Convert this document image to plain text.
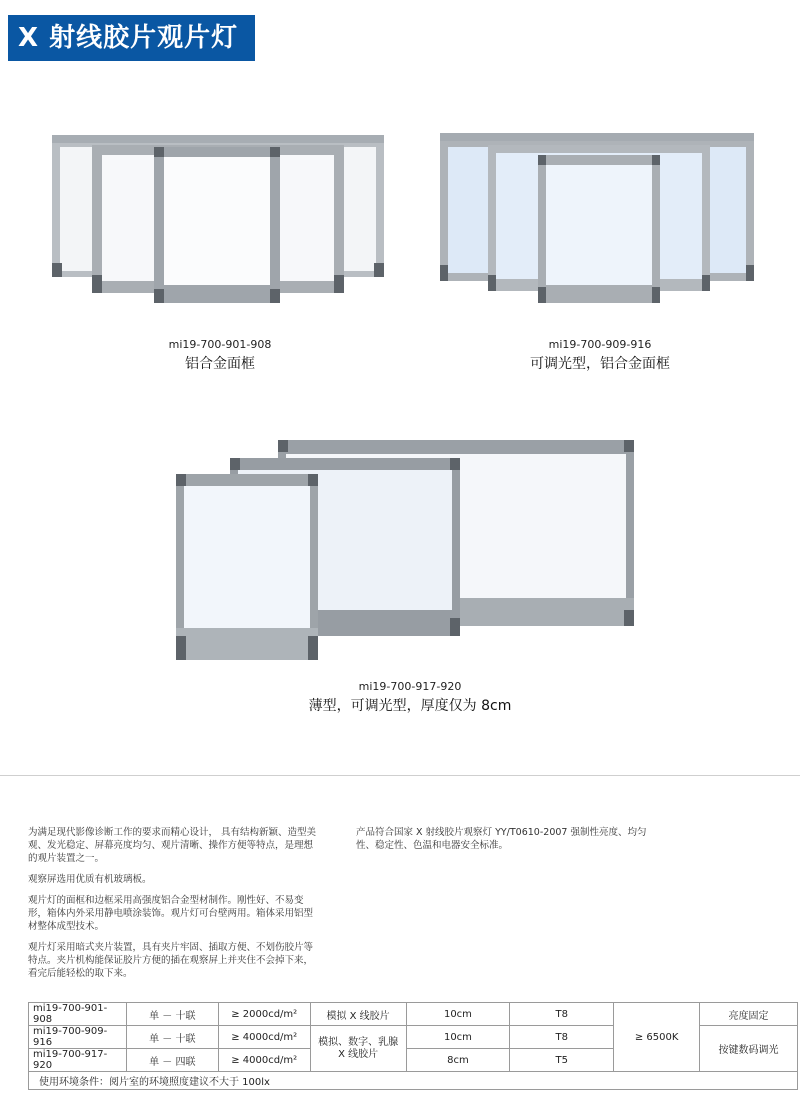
X 射线胶片观片灯
mi19-700-901-908
铝合金面框
mi19-700-909-916
可调光型，铝合金面框
mi19-700-917-920
薄型，可调光型，厚度仅为 8cm

为满足现代影像诊断工作的要求而精心设计， 具有结构新颖、造型美观、发光稳定、屏幕亮度均匀、观片清晰、操作方便等特点，是理想的观片装置之一。

观察屏选用优质有机玻璃板。

观片灯的面框和边框采用高强度铝合金型材制作。刚性好、不易变形，箱体内外采用静电喷涂装饰。观片灯可台壁两用。箱体采用铝型材整体成型技术。

观片灯采用暗式夹片装置，具有夹片牢固、插取方便、不划伤胶片等特点。夹片机构能保证胶片方便的插在观察屏上并夹住不会掉下来，看完后能轻松的取下来。

产品符合国家 X 射线胶片观察灯 YY/T0610-2007 强制性亮度、均匀性、稳定性、色温和电器安全标准。

mi19-700-901-908	单 － 十联	≥ 2000cd/m²	模拟 X 线胶片	10cm	T8	≥ 6500K	亮度固定
mi19-700-909-916	单 － 十联	≥ 4000cd/m²	模拟、数字、乳腺 X 线胶片	10cm	T8		按键数码调光
mi19-700-917-920	单 － 四联	≥ 4000cd/m²		8cm	T5		
使用环境条件：阅片室的环境照度建议不大于 100lx							
